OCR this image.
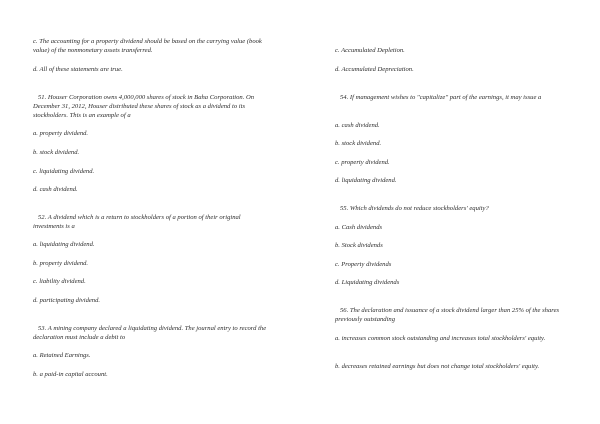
c. The accounting for a property dividend should be based on the carrying value (book value) of the nonmonetary assets transferred.
d. All of these statements are true.
51. Houser Corporation owns 4,000,000 shares of stock in Baha Corporation. On December 31, 2012, Houser distributed these shares of stock as a dividend to its stockholders. This is an example of a
a. property dividend.
b. stock dividend.
c. liquidating dividend.
d. cash dividend.
52. A dividend which is a return to stockholders of a portion of their original investments is a
a. liquidating dividend.
b. property dividend.
c. liability dividend.
d. participating dividend.
53. A mining company declared a liquidating dividend. The journal entry to record the declaration must include a debit to
a. Retained Earnings.
b. a paid-in capital account.
c. Accumulated Depletion.
d. Accumulated Depreciation.
54. If management wishes to "capitalize" part of the earnings, it may issue a
a. cash dividend.
b. stock dividend.
c. property dividend.
d. liquidating dividend.
55. Which dividends do not reduce stockholders' equity?
a. Cash dividends
b. Stock dividends
c. Property dividends
d. Liquidating dividends
56. The declaration and issuance of a stock dividend larger than 25% of the shares previously outstanding
a. increases common stock outstanding and increases total stockholders' equity.
b. decreases retained earnings but does not change total stockholders' equity.
